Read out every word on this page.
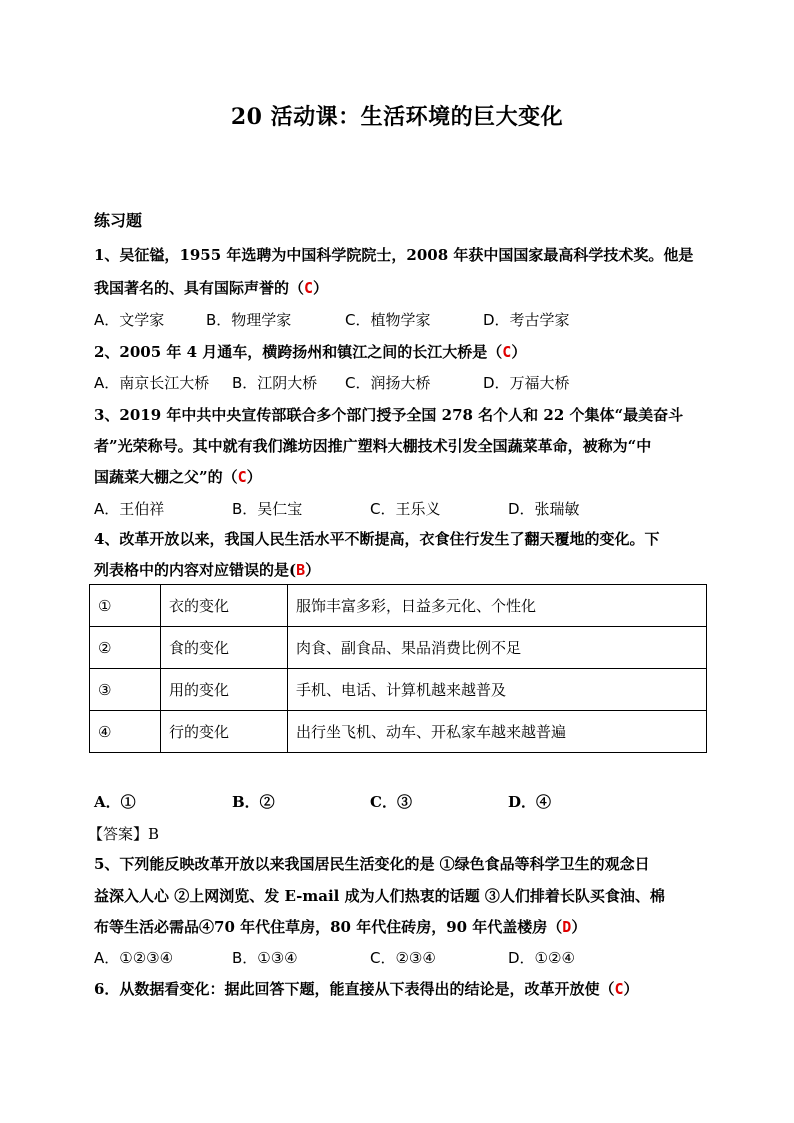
20 活动课：生活环境的巨大变化
练习题
1、吴征镒，1955 年选聘为中国科学院院士，2008 年获中国国家最高科学技术奖。他是
我国著名的、具有国际声誉的（C）
A．文学家	B．物理学家	C．植物学家	D．考古学家
2、2005 年 4 月通车，横跨扬州和镇江之间的长江大桥是（C）
A．南京长江大桥 B．江阴大桥 C．润扬大桥	D．万福大桥
3、2019 年中共中央宣传部联合多个部门授予全国 278 名个人和 22 个集体“最美奋斗
者”光荣称号。其中就有我们潍坊因推广塑料大棚技术引发全国蔬菜革命，被称为“中
国蔬菜大棚之父”的（C）
A．王伯祥	B．吴仁宝	C．王乐义	D．张瑞敏
4、改革开放以来，我国人民生活水平不断提高，衣食住行发生了翻天覆地的变化。下
列表格中的内容对应错误的是(B）
①	衣的变化	服饰丰富多彩，日益多元化、个性化
②	食的变化	肉食、副食品、果品消费比例不足
③	用的变化	手机、电话、计算机越来越普及
④	行的变化	出行坐飞机、动车、开私家车越来越普遍
A．①	B．②	C．③	D．④
【答案】B
5、下列能反映改革开放以来我国居民生活变化的是 ①绿色食品等科学卫生的观念日
益深入人心 ②上网浏览、发 E-mail 成为人们热衷的话题 ③人们排着长队买食油、棉
布等生活必需品④70 年代住草房，80 年代住砖房，90 年代盖楼房（D）
A．①②③④	B．①③④	C．②③④	D．①②④
6．从数据看变化：据此回答下题，能直接从下表得出的结论是，改革开放使（C）
